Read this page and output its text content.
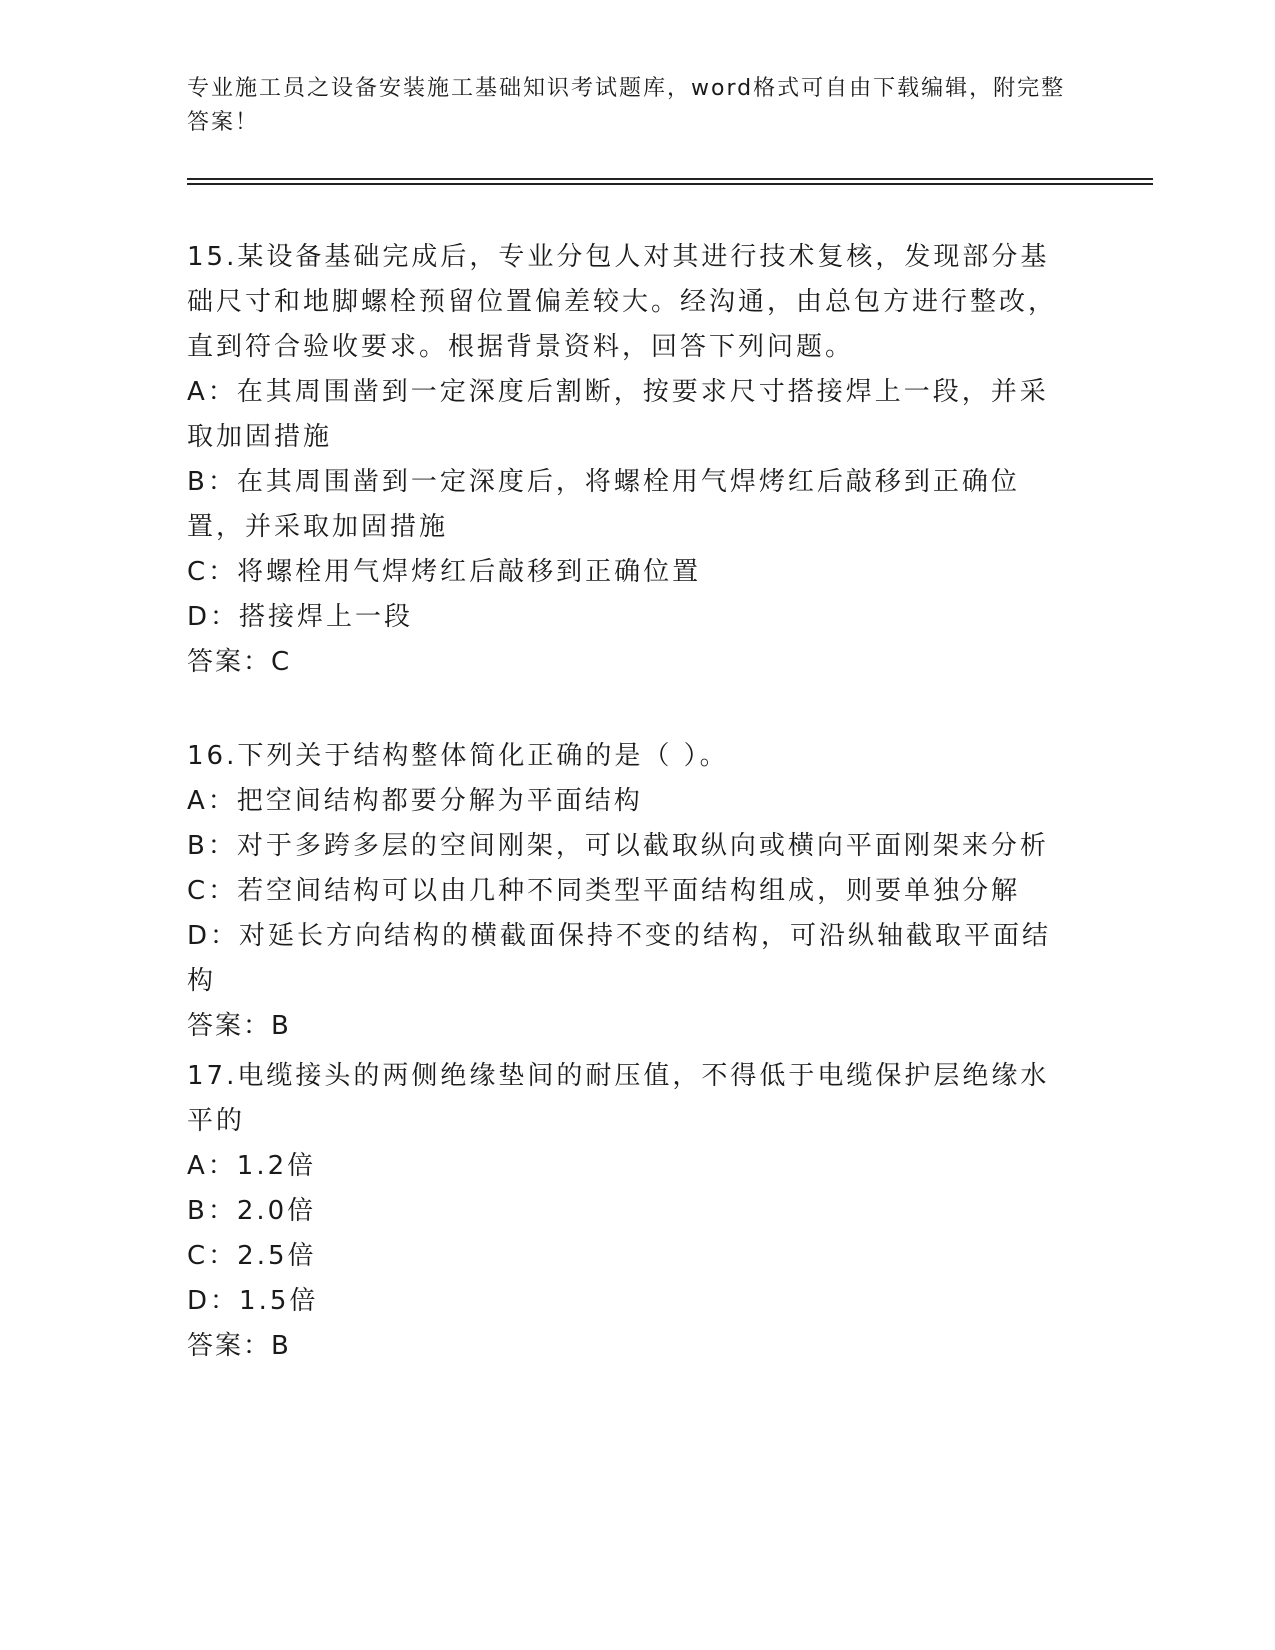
专业施工员之设备安装施工基础知识考试题库，word格式可自由下载编辑，附完整答案！

15.某设备基础完成后，专业分包人对其进行技术复核，发现部分基础尺寸和地脚螺栓预留位置偏差较大。经沟通，由总包方进行整改，直到符合验收要求。根据背景资料，回答下列问题。

A：在其周围凿到一定深度后割断，按要求尺寸搭接焊上一段，并采取加固措施

B：在其周围凿到一定深度后，将螺栓用气焊烤红后敲移到正确位置，并采取加固措施

C：将螺栓用气焊烤红后敲移到正确位置

D：搭接焊上一段

答案：C

16.下列关于结构整体简化正确的是（ ）。

A：把空间结构都要分解为平面结构

B：对于多跨多层的空间刚架，可以截取纵向或横向平面刚架来分析

C：若空间结构可以由几种不同类型平面结构组成，则要单独分解

D：对延长方向结构的横截面保持不变的结构，可沿纵轴截取平面结构

答案：B

17.电缆接头的两侧绝缘垫间的耐压值，不得低于电缆保护层绝缘水平的

A：1.2倍

B：2.0倍

C：2.5倍

D：1.5倍

答案：B
